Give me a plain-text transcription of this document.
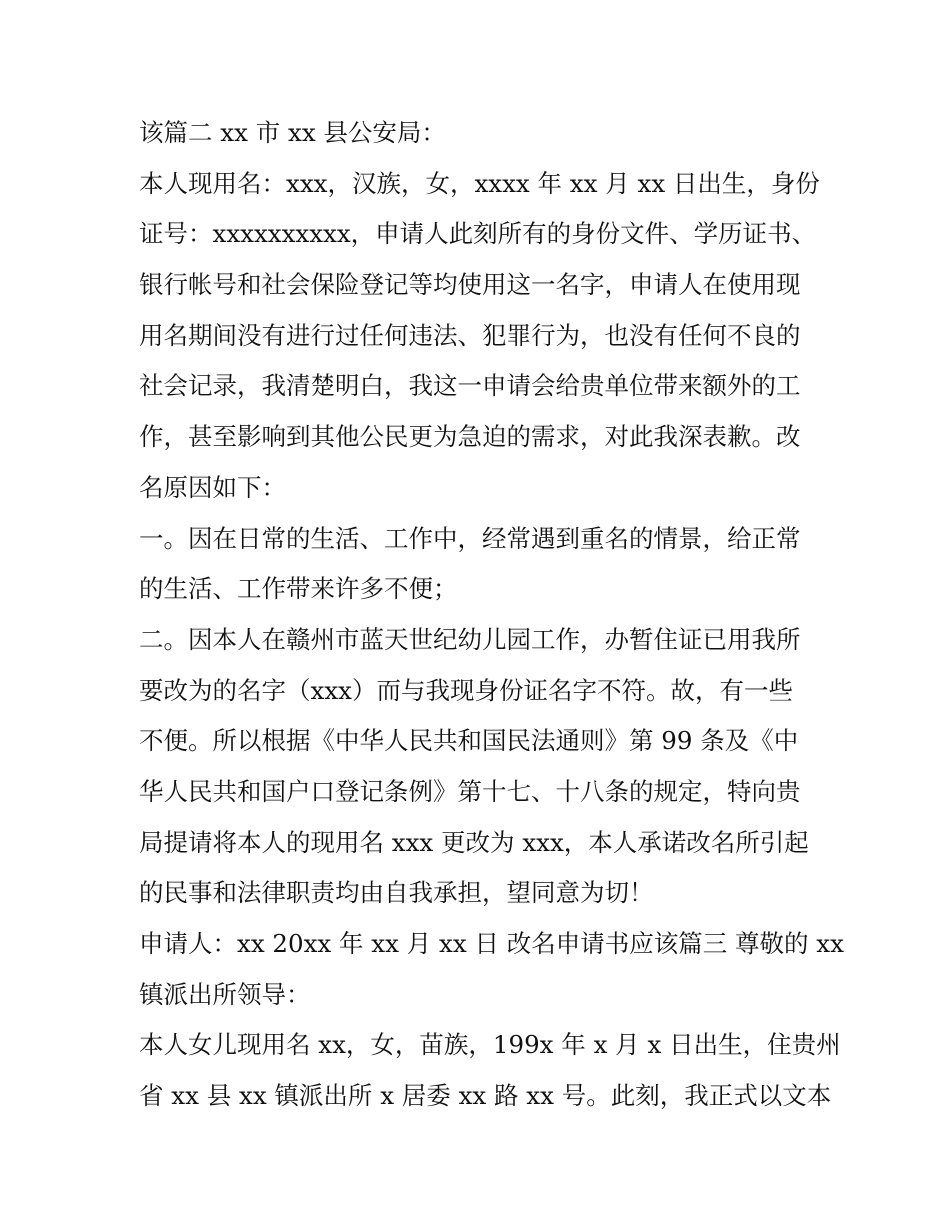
该篇二 xx 市 xx 县公安局：
本人现用名：xxx，汉族，女，xxxx 年 xx 月 xx 日出生，身份
证号：xxxxxxxxxx，申请人此刻所有的身份文件、学历证书、
银行帐号和社会保险登记等均使用这一名字，申请人在使用现
用名期间没有进行过任何违法、犯罪行为，也没有任何不良的
社会记录，我清楚明白，我这一申请会给贵单位带来额外的工
作，甚至影响到其他公民更为急迫的需求，对此我深表歉。改
名原因如下：
一。因在日常的生活、工作中，经常遇到重名的情景，给正常
的生活、工作带来许多不便；
二。因本人在赣州市蓝天世纪幼儿园工作，办暂住证已用我所
要改为的名字（xxx）而与我现身份证名字不符。故，有一些
不便。所以根据《中华人民共和国民法通则》第 99 条及《中
华人民共和国户口登记条例》第十七、十八条的规定，特向贵
局提请将本人的现用名 xxx 更改为 xxx，本人承诺改名所引起
的民事和法律职责均由自我承担，望同意为切！
申请人：xx 20xx 年 xx 月 xx 日 改名申请书应该篇三 尊敬的 xx
镇派出所领导：
本人女儿现用名 xx，女，苗族，199x 年 x 月 x 日出生，住贵州
省 xx 县 xx 镇派出所 x 居委 xx 路 xx 号。此刻，我正式以文本
